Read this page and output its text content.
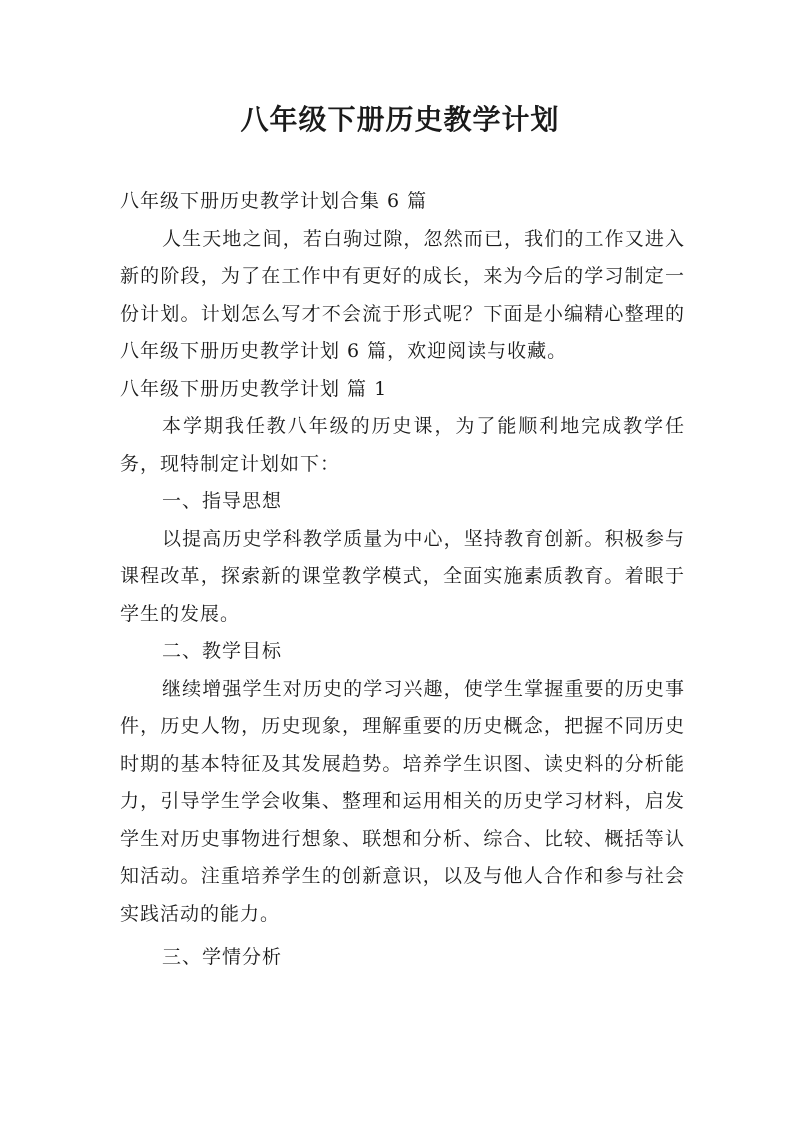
八年级下册历史教学计划

八年级下册历史教学计划合集 6 篇

人生天地之间，若白驹过隙，忽然而已，我们的工作又进入新的阶段，为了在工作中有更好的成长，来为今后的学习制定一份计划。计划怎么写才不会流于形式呢？下面是小编精心整理的八年级下册历史教学计划 6 篇，欢迎阅读与收藏。

八年级下册历史教学计划 篇 1

本学期我任教八年级的历史课，为了能顺利地完成教学任务，现特制定计划如下：

一、指导思想

以提高历史学科教学质量为中心，坚持教育创新。积极参与课程改革，探索新的课堂教学模式，全面实施素质教育。着眼于学生的发展。

二、教学目标

继续增强学生对历史的学习兴趣，使学生掌握重要的历史事件，历史人物，历史现象，理解重要的历史概念，把握不同历史时期的基本特征及其发展趋势。培养学生识图、读史料的分析能力，引导学生学会收集、整理和运用相关的历史学习材料，启发学生对历史事物进行想象、联想和分析、综合、比较、概括等认知活动。注重培养学生的创新意识，以及与他人合作和参与社会实践活动的能力。

三、学情分析
